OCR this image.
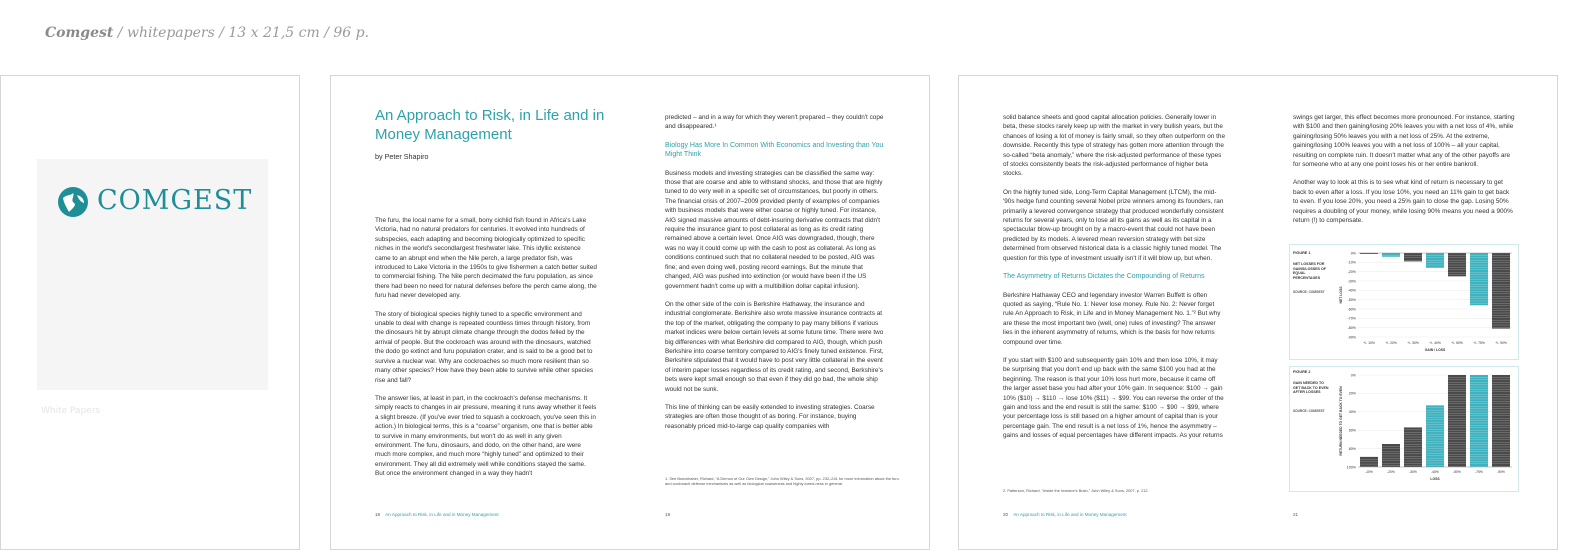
Comgest / whitepapers / 13 x 21,5 cm / 96 p.
COMGEST
White Papers
An Approach to Risk, in Life and in Money Management
by Peter Shapiro

The furu, the local name for a small, bony cichlid fish found in Africa's Lake Victoria, had no natural predators for centuries. It evolved into hundreds of subspecies, each adapting and becoming biologically optimized to specific niches in the world's secondlargest freshwater lake. This idyllic existence came to an abrupt end when the Nile perch, a large predator fish, was introduced to Lake Victoria in the 1950s to give fishermen a catch better suited to commercial fishing. The Nile perch decimated the furu population, as since there had been no need for natural defenses before the perch came along, the furu had never developed any.

The story of biological species highly tuned to a specific environment and unable to deal with change is repeated countless times through history, from the dinosaurs hit by abrupt climate change through the dodos felled by the arrival of people. But the cockroach was around with the dinosaurs, watched the dodo go extinct and furu population crater, and is said to be a good bet to survive a nuclear war. Why are cockroaches so much more resilient than so many other species? How have they been able to survive while other species rise and fall?

The answer lies, at least in part, in the cockroach's defense mechanisms. It simply reacts to changes in air pressure, meaning it runs away whether it feels a slight breeze. (If you've ever tried to squash a cockroach, you've seen this in action.) In biological terms, this is a “coarse” organism, one that is better able to survive in many environments, but won't do as well in any given environment. The furu, dinosaurs, and dodo, on the other hand, are were much more complex, and much more “highly tuned” and optimized to their environment. They all did extremely well while conditions stayed the same. But once the environment changed in a way they hadn't

predicted – and in a way for which they weren't prepared – they couldn't cope and disappeared.¹

Biology Has More In Common With Economics and Investing than You Might Think

Business models and investing strategies can be classified the same way: those that are coarse and able to withstand shocks, and those that are highly tuned to do very well in a specific set of circumstances, but poorly in others. The financial crisis of 2007–2009 provided plenty of examples of companies with business models that were either coarse or highly tuned. For instance, AIG signed massive amounts of debt-insuring derivative contracts that didn't require the insurance giant to post collateral as long as its credit rating remained above a certain level. Once AIG was downgraded, though, there was no way it could come up with the cash to post as collateral. As long as conditions continued such that no collateral needed to be posted, AIG was fine; and even doing well, posting record earnings. But the minute that changed, AIG was pushed into extinction (or would have been if the US government hadn't come up with a multibillion dollar capital infusion).

On the other side of the coin is Berkshire Hathaway, the insurance and industrial conglomerate. Berkshire also wrote massive insurance contracts at the top of the market, obligating the company to pay many billions if various market indices were below certain levels at some future time. There were two big differences with what Berkshire did compared to AIG, though, which push Berkshire into coarse territory compared to AIG's finely tuned existence. First, Berkshire stipulated that it would have to post very little collateral in the event of interim paper losses regardless of its credit rating, and second, Berkshire's bets were kept small enough so that even if they did go bad, the whole ship would not be sunk.

This line of thinking can be easily extended to investing strategies. Coarse strategies are often those thought of as boring. For instance, buying reasonably priced mid-to-large cap quality companies with

1. See Boeckhaber, Richard, “A Demon of Our Own Design,” John Wiley & Sons, 2007, pp. 232–241 for more information about the furu and cockroach defense mechanisms as well as biological coarseness and highly tuned-ness in general.
18 An Approach to Risk, in Life and in Money Management	19

solid balance sheets and good capital allocation policies. Generally lower in beta, these stocks rarely keep up with the market in very bullish years, but the chances of losing a lot of money is fairly small, so they often outperform on the downside. Recently this type of strategy has gotten more attention through the so-called “beta anomaly,” where the risk-adjusted performance of these types of stocks consistently beats the risk-adjusted performance of higher beta stocks.

On the highly tuned side, Long-Term Capital Management (LTCM), the mid-'90s hedge fund counting several Nobel prize winners among its founders, ran primarily a levered convergence strategy that produced wonderfully consistent returns for several years, only to lose all its gains as well as its capital in a spectacular blow-up brought on by a macro-event that could not have been predicted by its models. A levered mean reversion strategy with bet size determined from observed historical data is a classic highly tuned model. The question for this type of investment usually isn't if it will blow up, but when.

The Asymmetry of Returns Dictates the Compounding of Returns

Berkshire Hathaway CEO and legendary investor Warren Buffett is often quoted as saying, “Rule No. 1: Never lose money. Rule No. 2: Never forget rule An Approach to Risk, in Life and in Money Management No. 1.”² But why are these the most important two (well, one) rules of investing? The answer lies in the inherent asymmetry of returns, which is the basis for how returns compound over time.

If you start with $100 and subsequently gain 10% and then lose 10%, it may be surprising that you don't end up back with the same $100 you had at the beginning. The reason is that your 10% loss hurt more, because it came off the larger asset base you had after your 10% gain. In sequence: $100 → gain 10% ($10) → $110 → lose 10% ($11) → $99. You can reverse the order of the gain and loss and the end result is still the same: $100 → $90 → $99, where your percentage loss is still based on a higher amount of capital than is your percentage gain. The end result is a net loss of 1%, hence the asymmetry – gains and losses of equal percentages have different impacts. As your returns

swings get larger, this effect becomes more pronounced. For instance, starting with $100 and then gaining/losing 20% leaves you with a net loss of 4%, while gaining/losing 50% leaves you with a net loss of 25%. At the extreme, gaining/losing 100% leaves you with a net loss of 100% – all your capital, resulting on complete ruin. It doesn't matter what any of the other payoffs are for someone who at any one point loses his or her entire bankroll.

Another way to look at this is to see what kind of return is necessary to get back to even after a loss. If you lose 10%, you need an 11% gain to get back to even. If you lose 20%, you need a 25% gain to close the gap. Losing 50% requires a doubling of your money, while losing 90% means you need a 900% return (!) to compensate.

FIGURE 1
NET LOSSES FOR GAINS/LOSSES OF EQUAL PERCENTAGES
SOURCE: COMGEST
0%
-10%
-20%
-30%
-40%
-50%
-60%
-70%
-80%
-90%
NET LOSS
+/- 10%	+/- 20%	+/- 30%	+/- 40%	+/- 50%	+/- 75%	+/- 90%
GAIN / LOSS
FIGURE 2
GAIN NEEDED TO GET BACK TO EVEN AFTER LOSSES
SOURCE: COMGEST
0%
20%
40%
60%
80%
100%
RETURN NEEDED TO GET BACK TO EVEN
-10%	-20%	-30%	-40%	-50%	-75%	-90%
LOSS
2. Patterson, Richard, “Inside the Investor's Brain,” John Wiley & Sons, 2007, p. 212.
20 An Approach to Risk, in Life and in Money Management	21
